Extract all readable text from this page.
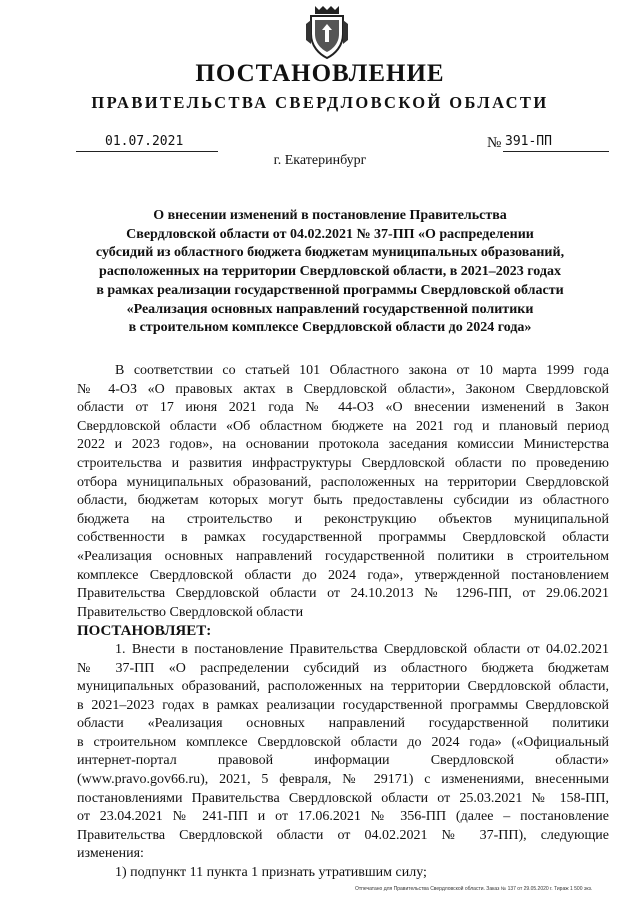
ПОСТАНОВЛЕНИЕ
ПРАВИТЕЛЬСТВА СВЕРДЛОВСКОЙ ОБЛАСТИ
01.07.2021	№ 391-ПП
г. Екатеринбург
О внесении изменений в постановление Правительства
Свердловской области от 04.02.2021 № 37-ПП «О распределении
субсидий из областного бюджета бюджетам муниципальных образований,
расположенных на территории Свердловской области, в 2021–2023 годах
в рамках реализации государственной программы Свердловской области
«Реализация основных направлений государственной политики
в строительном комплексе Свердловской области до 2024 года»
В соответствии со статьей 101 Областного закона от 10 марта 1999 года
№ 4-ОЗ «О правовых актах в Свердловской области», Законом Свердловской
области от 17 июня 2021 года № 44-ОЗ «О внесении изменений в Закон
Свердловской области «Об областном бюджете на 2021 год и плановый период
2022 и 2023 годов», на основании протокола заседания комиссии Министерства
строительства и развития инфраструктуры Свердловской области по проведению
отбора муниципальных образований, расположенных на территории Свердловской
области, бюджетам которых могут быть предоставлены субсидии из областного
бюджета на строительство и реконструкцию объектов муниципальной
собственности в рамках государственной программы Свердловской области
«Реализация основных направлений государственной политики в строительном
комплексе Свердловской области до 2024 года», утвержденной постановлением
Правительства Свердловской области от 24.10.2013 № 1296-ПП, от 29.06.2021
Правительство Свердловской области
ПОСТАНОВЛЯЕТ:
1. Внести в постановление Правительства Свердловской области от 04.02.2021
№ 37-ПП «О распределении субсидий из областного бюджета бюджетам
муниципальных образований, расположенных на территории Свердловской области,
в 2021–2023 годах в рамках реализации государственной программы Свердловской
области «Реализация основных направлений государственной политики
в строительном комплексе Свердловской области до 2024 года» («Официальный
интернет-портал правовой информации Свердловской области»
(www.pravo.gov66.ru), 2021, 5 февраля, № 29171) с изменениями, внесенными
постановлениями Правительства Свердловской области от 25.03.2021 № 158-ПП,
от 23.04.2021 № 241-ПП и от 17.06.2021 № 356-ПП (далее – постановление
Правительства Свердловской области от 04.02.2021 № 37-ПП), следующие
изменения:
1) подпункт 11 пункта 1 признать утратившим силу;
Отпечатано для Правительства Свердловской области. Заказ № 137 от 29.05.2020 г. Тираж 1 500 экз.
